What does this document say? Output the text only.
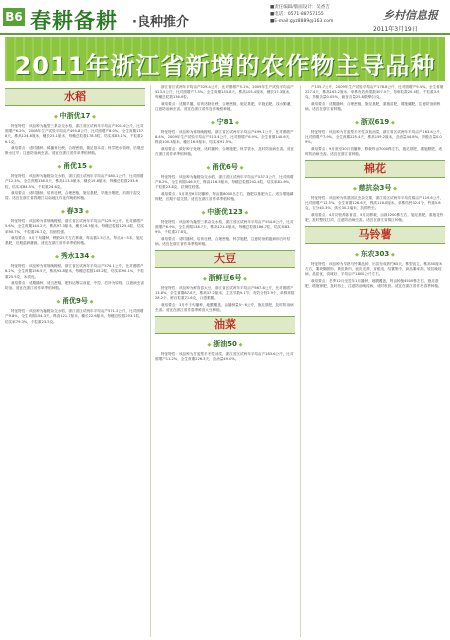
B6 春耕备耕 ·良种推介
■责任编辑/版面设计：吴香吉
■电话：0571-88757155
■E-mail:gyz8889@163.com	乡村信息报
2011年3月19日
2011年浙江省新增的农作物主导品种
水稻
◆ 中浙优17 ◆
特征特性：该品种为籼型三系杂交水稻，浙江省区试两年平均亩产501.6公斤，比对照增产6.2%，2008年生产试验平均亩产495.8公斤，比对照增产8.0%。全生育期137.8天，株高124.6厘米，穗长25.1厘米，每穗总粒数178.5粒，结实率83.1%，千粒重26.1克。
栽培要点：适时播种，稀播育壮秧；合理密植，插足基本苗；科学肥水管理，后期忌断水过早；注意防治病虫害。适宜在浙江省作单季稻种植。
◆ 甬优15 ◆
特征特性：该品种为籼粳杂交水稻，浙江省区试两年平均亩产480.1公斤，比对照增产12.3%，全生育期136.0天，株高113.5厘米，穗长19.8厘米，每穗总粒数233.6粒，结实率84.5%，千粒重24.6克。
栽培要点：适时播种，培育壮秧，合理密植，施足基肥，早施分蘖肥，后期干湿交替。适宜在浙江省钱塘江以南地区作连作晚稻种植。
◆ 春33 ◆
特征特性：该品种为常规晚粳稻，浙江省区试两年平均亩产525.9公斤，比对照增产5.6%，全生育期144.2天，株高97.3厘米，穗长16.5厘米，每穗总粒数125.4粒，结实率90.7%，千粒重26.7克，抗倒性强。
栽培要点：5月下旬播种，秧龄25天左右移栽，每亩插1.5万丛，每丛4～5本，施足基肥，后期湿润灌溉。适宜在浙江省作单季稻种植。
◆ 秀水134 ◆
特征特性：该品种为常规晚粳稻，浙江省区试两年平均亩产574.1公斤，比对照增产6.2%，全生育期156.5天，株高93.8厘米，每穗总粒数145.2粒，结实率90.1%，千粒重25.5克，米质优。
栽培要点：适期播种，适当密植，肥料运筹以前促、中控、后补为原则，注意病虫害防治。适宜在浙江省作单季稻种植。
◆ 甬优9号 ◆
特征特性：该品种为籼粳杂交水稻，浙江省区试两年平均亩产571.3公斤，比对照增产9.8%，全生育期154.3天，株高121.7厘米，穗长22.6厘米，每穗总粒数253.1粒，结实率79.3%，千粒重23.5克。
浙江省区试两年平均亩产529.4公斤，比对照增产5.1%，2009年生产试验平均亩产523.5公斤，比对照增产7.5%。全生育期133.8天，株高105.4厘米，穗长17.3厘米，每穗总粒数136.0粒。
栽培要点：适期早播，培育适龄壮秧，合理密植，施足基肥，早施追肥，浅水勤灌，注意防治病虫害。适宜在浙江省作连作晚稻种植。
◆ 宁81 ◆
特征特性：该品种为常规晚粳稻，浙江省区试两年平均亩产499.1公斤，比对照增产8.4%，2009年生产试验平均亩产513.4公斤，比对照增产6.9%。全生育期140.6天，株高100.3厘米，穗长16.9厘米，结实率91.5%。
栽培要点：做好种子处理，适时播种，合理施肥，科学管水，及时防治病虫害。适宜在浙江省作单季稻种植。
◆ 甬优6号 ◆
特征特性：该品种为籼粳杂交水稻，浙江省区试两年平均亩产537.3公斤，比对照增产8.2%，全生育期146.5天，株高116.5厘米，每穗总粒数242.4粒，结实率81.6%，千粒重23.8克，抗倒性较强。
栽培要点：5月底至6月初播种，每亩插8000丛左右，施肥以基肥为主，适当增施磷钾肥，后期干湿交替。适宜在浙江省作单季稻种植。
◆ 中浙优123 ◆
特征特性：该品种为籼型三系杂交水稻，浙江省区试两年平均亩产554.8公斤，比对照增产6.9%，全生育期138.7天，株高121.4厘米，每穗总粒数186.7粒，结实率83.9%，千粒重27.8克。
栽培要点：适时播种，培育壮秧，合理密植，科学施肥，注意防治稻瘟病和白叶枯病。适宜在浙江省作单季稻种植。
大豆
◆ 浙鲜豆6号 ◆
特征特性：该品种为鲜食春大豆，浙江省区试两年平均亩产667.8公斤，比对照增产13.8%，全生育期87.6天，株高37.2厘米，主茎节数9.1节，有效分枝2.9个，单株荚数28.2个，鲜百粒重71.6克，口感柔糯。
栽培要点：3月中下旬播种，地膜覆盖，亩播种量5～6公斤，施足基肥，及时防治病虫害。适宜在浙江省作春季鲜食大豆种植。
油菜
◆ 浙油50 ◆
特征特性：该品种为甘蓝型半冬性油菜，浙江省区试两年平均亩产183.6公斤，比对照增产11.2%，全生育期226.3天，含油量49.0%。
产155.7公斤，2009年生产试验平均亩产178.8公斤，比对照增产9.4%。全生育期227.4天，株高163.2厘米，单株有效角果数307.5个，每角粒数20.4粒，千粒重3.9克，芥酸含量0.05%，硫苷含量25.8微摩尔/克。
栽培要点：适期播种，合理密植，施足基肥，重施苗肥，增施硼肥，注意防治菌核病。适宜在浙江省种植。
◆ 浙双619 ◆
特征特性：该品种为甘蓝型半冬性双低油菜，浙江省区试两年平均亩产163.8公斤，比对照增产7.9%，全生育期225.4天，株高159.2厘米，含油量44.8%，芥酸含量0.09%。
栽培要点：9月底至10月初播种，移栽每亩7000株左右，施足基肥，重施腊肥，适时防治病虫害。适宜在浙江省种植。
棉花
◆ 慈抗杂3号 ◆
特征特性：该品种为转基因抗虫杂交棉，浙江省区试两年平均皮棉亩产119.6公斤，比对照增产12.5%，全生育期128.6天，株高118.0厘米，单株结铃32.4个，铃重5.6克，衣分40.3%，绒长30.2毫米，抗棉铃虫。
栽培要点：4月初营养钵育苗，5月初移栽，亩栽1200株左右，施足基肥，重施花铃肥，及时整枝打顶，注意防治病虫害。适宜在浙江省棉区种植。
马铃薯
◆ 东农303 ◆
特征特性：该品种为早熟马铃薯品种，出苗至成熟约65天，株型直立，株高50厘米左右，薯块椭圆形，黄皮黄肉，表皮光滑，芽眼浅，结薯集中，商品薯率高，较抗晚疫病，品质优，食味好，平均亩产1800公斤左右。
栽培要点：冬季12月至翌年1月播种，地膜覆盖，每亩种植4500株左右，施足基肥，增施钾肥，及时培土，注意防治晚疫病，适时收获。适宜在浙江省作冬春季种植。
